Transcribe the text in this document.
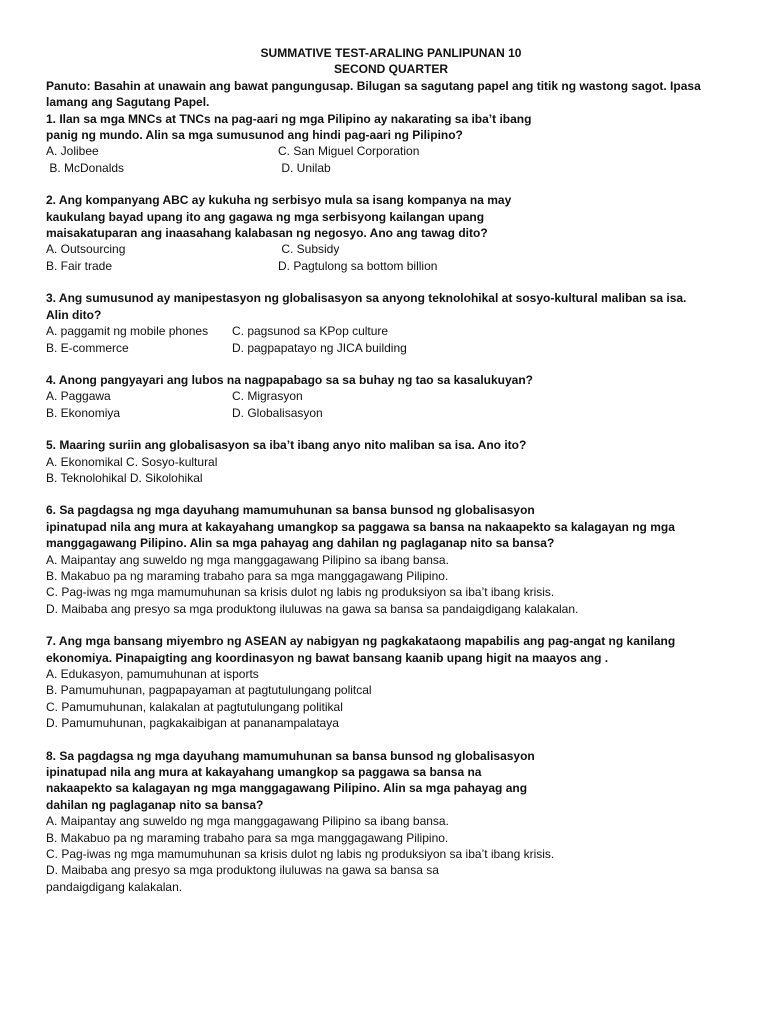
SUMMATIVE TEST-ARALING PANLIPUNAN 10
SECOND QUARTER
Panuto: Basahin at unawain ang bawat pangungusap. Bilugan sa sagutang papel ang titik ng wastong sagot. Ipasa
lamang ang Sagutang Papel.
1. Ilan sa mga MNCs at TNCs na pag-aari ng mga Pilipino ay nakarating sa iba’t ibang
panig ng mundo. Alin sa mga sumusunod ang hindi pag-aari ng Pilipino?
A. Jolibee	C. San Miguel Corporation
B. McDonalds	D. Unilab
2. Ang kompanyang ABC ay kukuha ng serbisyo mula sa isang kompanya na may
kaukulang bayad upang ito ang gagawa ng mga serbisyong kailangan upang
maisakatuparan ang inaasahang kalabasan ng negosyo. Ano ang tawag dito?
A. Outsourcing	C. Subsidy
B. Fair trade	D. Pagtulong sa bottom billion
3. Ang sumusunod ay manipestasyon ng globalisasyon sa anyong teknolohikal at sosyo-kultural maliban sa isa.
Alin dito?
A. paggamit ng mobile phones	C. pagsunod sa KPop culture
B. E-commerce	D. pagpapatayo ng JICA building
4. Anong pangyayari ang lubos na nagpapabago sa sa buhay ng tao sa kasalukuyan?
A. Paggawa	C. Migrasyon
B. Ekonomiya	D. Globalisasyon
5. Maaring suriin ang globalisasyon sa iba’t ibang anyo nito maliban sa isa. Ano ito?
A. Ekonomikal C. Sosyo-kultural
B. Teknolohikal D. Sikolohikal
6. Sa pagdagsa ng mga dayuhang mamumuhunan sa bansa bunsod ng globalisasyon
ipinatupad nila ang mura at kakayahang umangkop sa paggawa sa bansa na nakaapekto sa kalagayan ng mga
manggagawang Pilipino. Alin sa mga pahayag ang dahilan ng paglaganap nito sa bansa?
A. Maipantay ang suweldo ng mga manggagawang Pilipino sa ibang bansa.
B. Makabuo pa ng maraming trabaho para sa mga manggagawang Pilipino.
C. Pag-iwas ng mga mamumuhunan sa krisis dulot ng labis ng produksiyon sa iba’t ibang krisis.
D. Maibaba ang presyo sa mga produktong iluluwas na gawa sa bansa sa pandaigdigang kalakalan.
7. Ang mga bansang miyembro ng ASEAN ay nabigyan ng pagkakataong mapabilis ang pag-angat ng kanilang
ekonomiya. Pinapaigting ang koordinasyon ng bawat bansang kaanib upang higit na maayos ang .
A. Edukasyon, pamumuhunan at isports
B. Pamumuhunan, pagpapayaman at pagtutulungang politcal
C. Pamumuhunan, kalakalan at pagtutulungang politikal
D. Pamumuhunan, pagkakaibigan at pananampalataya
8. Sa pagdagsa ng mga dayuhang mamumuhunan sa bansa bunsod ng globalisasyon
ipinatupad nila ang mura at kakayahang umangkop sa paggawa sa bansa na
nakaapekto sa kalagayan ng mga manggagawang Pilipino. Alin sa mga pahayag ang
dahilan ng paglaganap nito sa bansa?
A. Maipantay ang suweldo ng mga manggagawang Pilipino sa ibang bansa.
B. Makabuo pa ng maraming trabaho para sa mga manggagawang Pilipino.
C. Pag-iwas ng mga mamumuhunan sa krisis dulot ng labis ng produksiyon sa iba’t ibang krisis.
D. Maibaba ang presyo sa mga produktong iluluwas na gawa sa bansa sa
pandaigdigang kalakalan.
